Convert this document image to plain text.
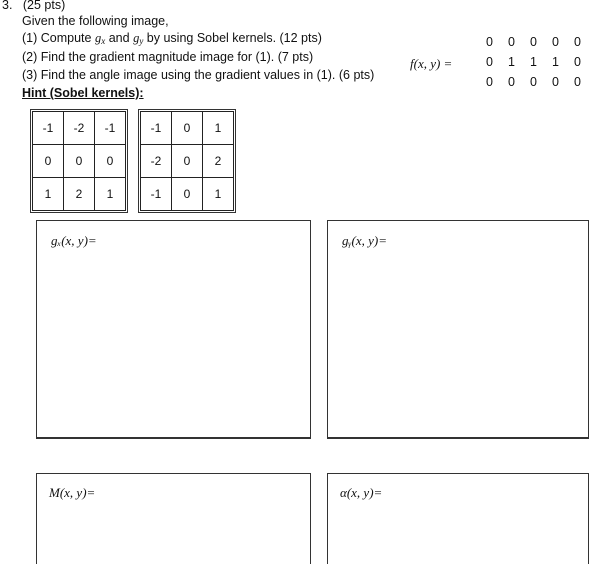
3. (25 pts)
Given the following image,
(1) Compute $g_x$ and $g_y$ by using Sobel kernels. (12 pts)
(2) Find the gradient magnitude image for (1). (7 pts)
(3) Find the angle image using the gradient values in (1). (6 pts)
Hint (Sobel kernels):
f(x, y) =
0	0	0	0	0
0	1	1	1	0
0	0	0	0	0
-1	-2	-1
0	0	0
1	2	1
-1	0	1
-2	0	2
-1	0	1
gₓ(x, y)=	gᵧ(x, y)=
M(x, y)=	α(x, y)=
